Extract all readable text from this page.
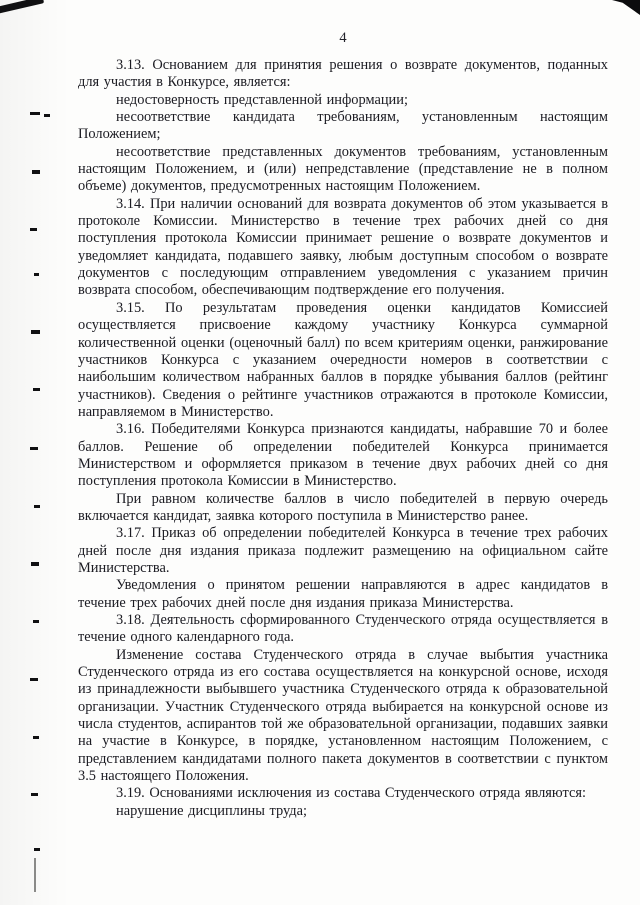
4

3.13. Основанием для принятия решения о возврате документов, поданных для участия в Конкурсе, является:

недостоверность представленной информации;

несоответствие кандидата требованиям, установленным настоящим Положением;

несоответствие представленных документов требованиям, установленным настоящим Положением, и (или) непредставление (представление не в полном объеме) документов, предусмотренных настоящим Положением.

3.14. При наличии оснований для возврата документов об этом указывается в протоколе Комиссии. Министерство в течение трех рабочих дней со дня поступления протокола Комиссии принимает решение о возврате документов и уведомляет кандидата, подавшего заявку, любым доступным способом о возврате документов с последующим отправлением уведомления с указанием причин возврата способом, обеспечивающим подтверждение его получения.

3.15. По результатам проведения оценки кандидатов Комиссией осуществляется присвоение каждому участнику Конкурса суммарной количественной оценки (оценочный балл) по всем критериям оценки, ранжирование участников Конкурса с указанием очередности номеров в соответствии с наибольшим количеством набранных баллов в порядке убывания баллов (рейтинг участников). Сведения о рейтинге участников отражаются в протоколе Комиссии, направляемом в Министерство.

3.16. Победителями Конкурса признаются кандидаты, набравшие 70 и более баллов. Решение об определении победителей Конкурса принимается Министерством и оформляется приказом в течение двух рабочих дней со дня поступления протокола Комиссии в Министерство.

При равном количестве баллов в число победителей в первую очередь включается кандидат, заявка которого поступила в Министерство ранее.

3.17. Приказ об определении победителей Конкурса в течение трех рабочих дней после дня издания приказа подлежит размещению на официальном сайте Министерства.

Уведомления о принятом решении направляются в адрес кандидатов в течение трех рабочих дней после дня издания приказа Министерства.

3.18. Деятельность сформированного Студенческого отряда осуществляется в течение одного календарного года.

Изменение состава Студенческого отряда в случае выбытия участника Студенческого отряда из его состава осуществляется на конкурсной основе, исходя из принадлежности выбывшего участника Студенческого отряда к образовательной организации. Участник Студенческого отряда выбирается на конкурсной основе из числа студентов, аспирантов той же образовательной организации, подавших заявки на участие в Конкурсе, в порядке, установленном настоящим Положением, с представлением кандидатами полного пакета документов в соответствии с пунктом 3.5 настоящего Положения.

3.19. Основаниями исключения из состава Студенческого отряда являются:

нарушение дисциплины труда;
